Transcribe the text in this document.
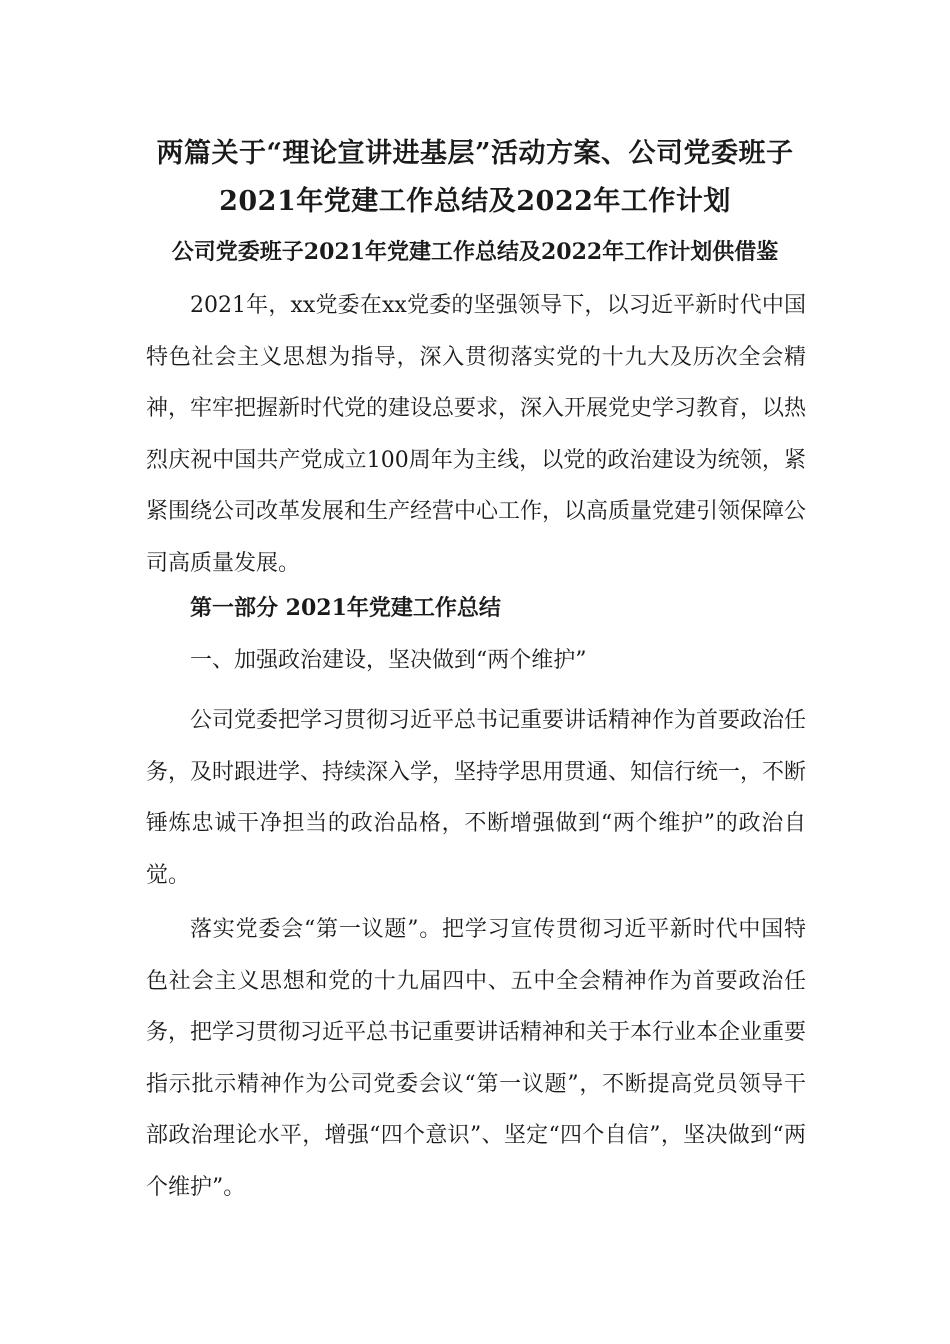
两篇关于“理论宣讲进基层”活动方案、公司党委班子
2021年党建工作总结及2022年工作计划
公司党委班子2021年党建工作总结及2022年工作计划供借鉴

2021年，xx党委在xx党委的坚强领导下，以习近平新时代中国特色社会主义思想为指导，深入贯彻落实党的十九大及历次全会精神，牢牢把握新时代党的建设总要求，深入开展党史学习教育，以热烈庆祝中国共产党成立100周年为主线，以党的政治建设为统领，紧紧围绕公司改革发展和生产经营中心工作，以高质量党建引领保障公司高质量发展。

第一部分 2021年党建工作总结
一、加强政治建设，坚决做到“两个维护”

公司党委把学习贯彻习近平总书记重要讲话精神作为首要政治任务，及时跟进学、持续深入学，坚持学思用贯通、知信行统一，不断锤炼忠诚干净担当的政治品格，不断增强做到“两个维护”的政治自觉。

落实党委会“第一议题”。把学习宣传贯彻习近平新时代中国特色社会主义思想和党的十九届四中、五中全会精神作为首要政治任务，把学习贯彻习近平总书记重要讲话精神和关于本行业本企业重要指示批示精神作为公司党委会议“第一议题”，不断提高党员领导干部政治理论水平，增强“四个意识”、坚定“四个自信”，坚决做到“两个维护”。
